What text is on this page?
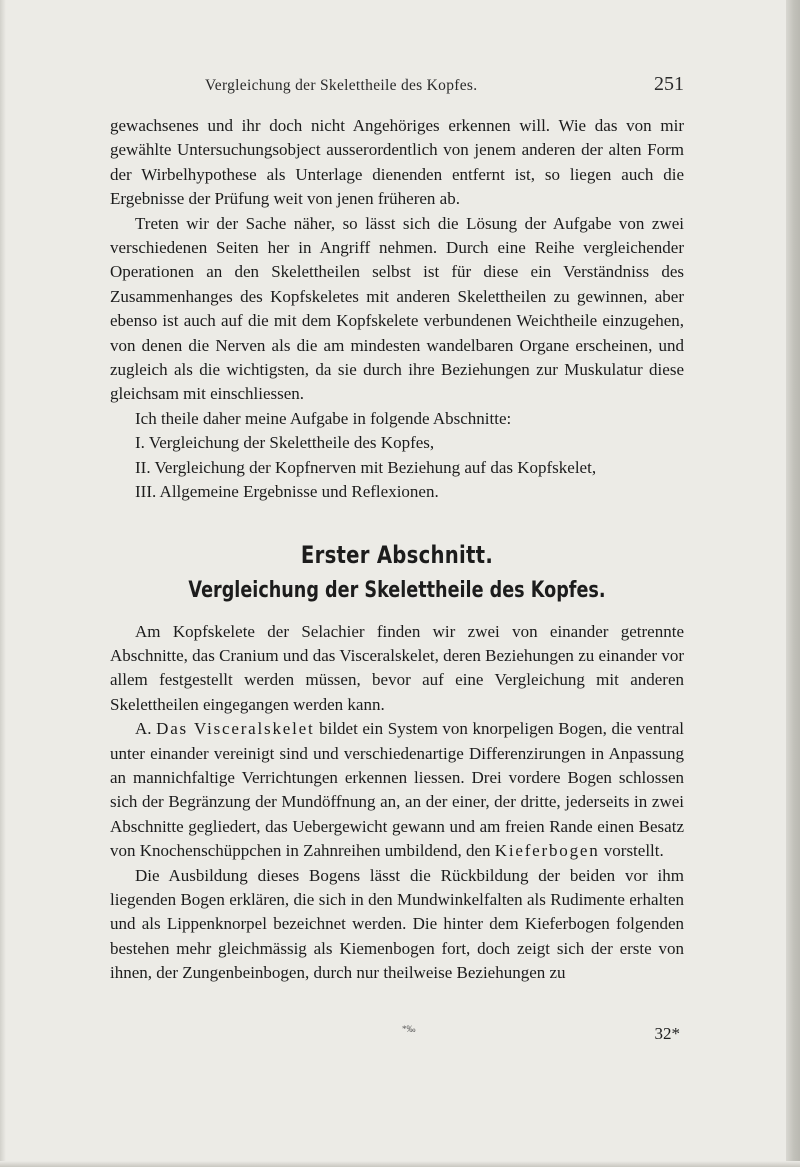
Vergleichung der Skelettheile des Kopfes.	251

gewachsenes und ihr doch nicht Angehöriges erkennen will. Wie das von mir gewählte Untersuchungsobject ausserordentlich von jenem anderen der alten Form der Wirbelhypothese als Unterlage dienenden entfernt ist, so liegen auch die Ergebnisse der Prüfung weit von jenen früheren ab.

Treten wir der Sache näher, so lässt sich die Lösung der Aufgabe von zwei verschiedenen Seiten her in Angriff nehmen. Durch eine Reihe vergleichender Operationen an den Skelettheilen selbst ist für diese ein Verständniss des Zusammenhanges des Kopfskeletes mit anderen Skelettheilen zu gewinnen, aber ebenso ist auch auf die mit dem Kopfskelete verbundenen Weichtheile einzugehen, von denen die Nerven als die am mindesten wandelbaren Organe erscheinen, und zugleich als die wichtigsten, da sie durch ihre Beziehungen zur Muskulatur diese gleichsam mit einschliessen.

Ich theile daher meine Aufgabe in folgende Abschnitte:

I. Vergleichung der Skelettheile des Kopfes,

II. Vergleichung der Kopfnerven mit Beziehung auf das Kopfskelet,

III. Allgemeine Ergebnisse und Reflexionen.

Erster Abschnitt.
Vergleichung der Skelettheile des Kopfes.

Am Kopfskelete der Selachier finden wir zwei von einander getrennte Abschnitte, das Cranium und das Visceralskelet, deren Beziehungen zu einander vor allem festgestellt werden müssen, bevor auf eine Vergleichung mit anderen Skelettheilen eingegangen werden kann.

A. Das Visceralskelet bildet ein System von knorpeligen Bogen, die ventral unter einander vereinigt sind und verschiedenartige Differenzirungen in Anpassung an mannichfaltige Verrichtungen erkennen liessen. Drei vordere Bogen schlossen sich der Begränzung der Mundöffnung an, an der einer, der dritte, jederseits in zwei Abschnitte gegliedert, das Uebergewicht gewann und am freien Rande einen Besatz von Knochenschüppchen in Zahnreihen umbildend, den Kieferbogen vorstellt.

Die Ausbildung dieses Bogens lässt die Rückbildung der beiden vor ihm liegenden Bogen erklären, die sich in den Mundwinkelfalten als Rudimente erhalten und als Lippenknorpel bezeichnet werden. Die hinter dem Kieferbogen folgenden bestehen mehr gleichmässig als Kiemenbogen fort, doch zeigt sich der erste von ihnen, der Zungenbeinbogen, durch nur theilweise Beziehungen zu

*‰	32*
